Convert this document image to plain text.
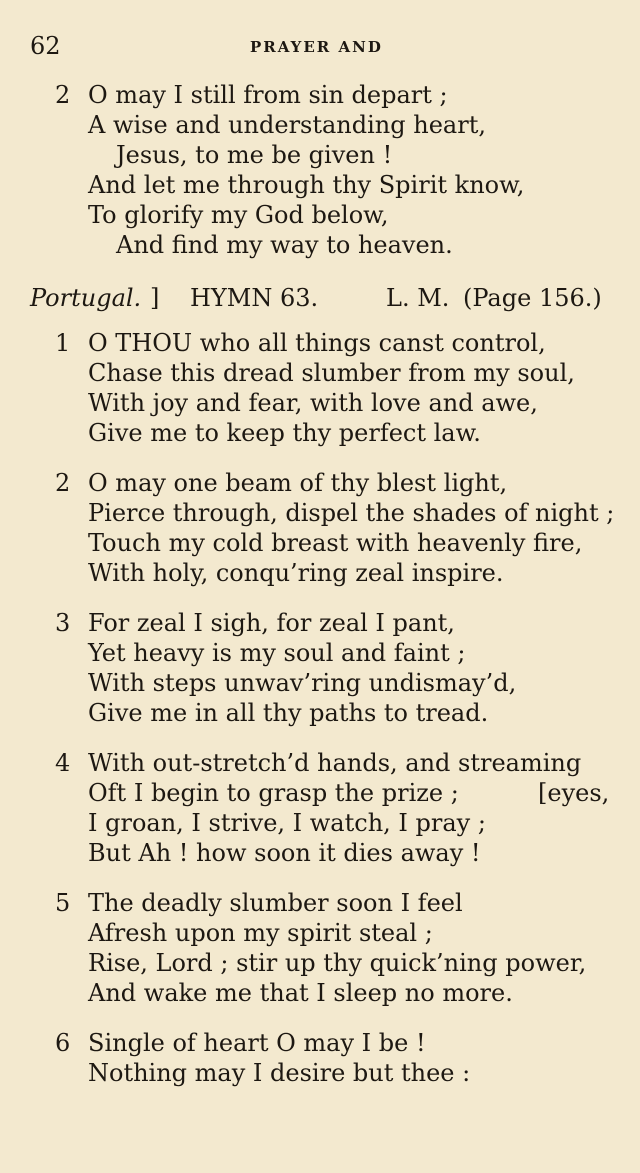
62	PRAYER AND
2 O may I still from sin depart ;
A wise and understanding heart,
Jesus, to me be given !
And let me through thy Spirit know,
To glorify my God below,
And find my way to heaven.
Portugal. ] HYMN 63.	L. M. (Page 156.)
1 O THOU who all things canst control,
Chase this dread slumber from my soul,
With joy and fear, with love and awe,
Give me to keep thy perfect law.
2 O may one beam of thy blest light,
Pierce through, dispel the shades of night ;
Touch my cold breast with heavenly fire,
With holy, conqu’ring zeal inspire.
3 For zeal I sigh, for zeal I pant,
Yet heavy is my soul and faint ;
With steps unwav’ring undismay’d,
Give me in all thy paths to tread.
4 With out-stretch’d hands, and streaming
Oft I begin to grasp the prize ;	[eyes,
I groan, I strive, I watch, I pray ;
But Ah ! how soon it dies away !
5 The deadly slumber soon I feel
Afresh upon my spirit steal ;
Rise, Lord ; stir up thy quick’ning power,
And wake me that I sleep no more.
6 Single of heart O may I be !
Nothing may I desire but thee :
